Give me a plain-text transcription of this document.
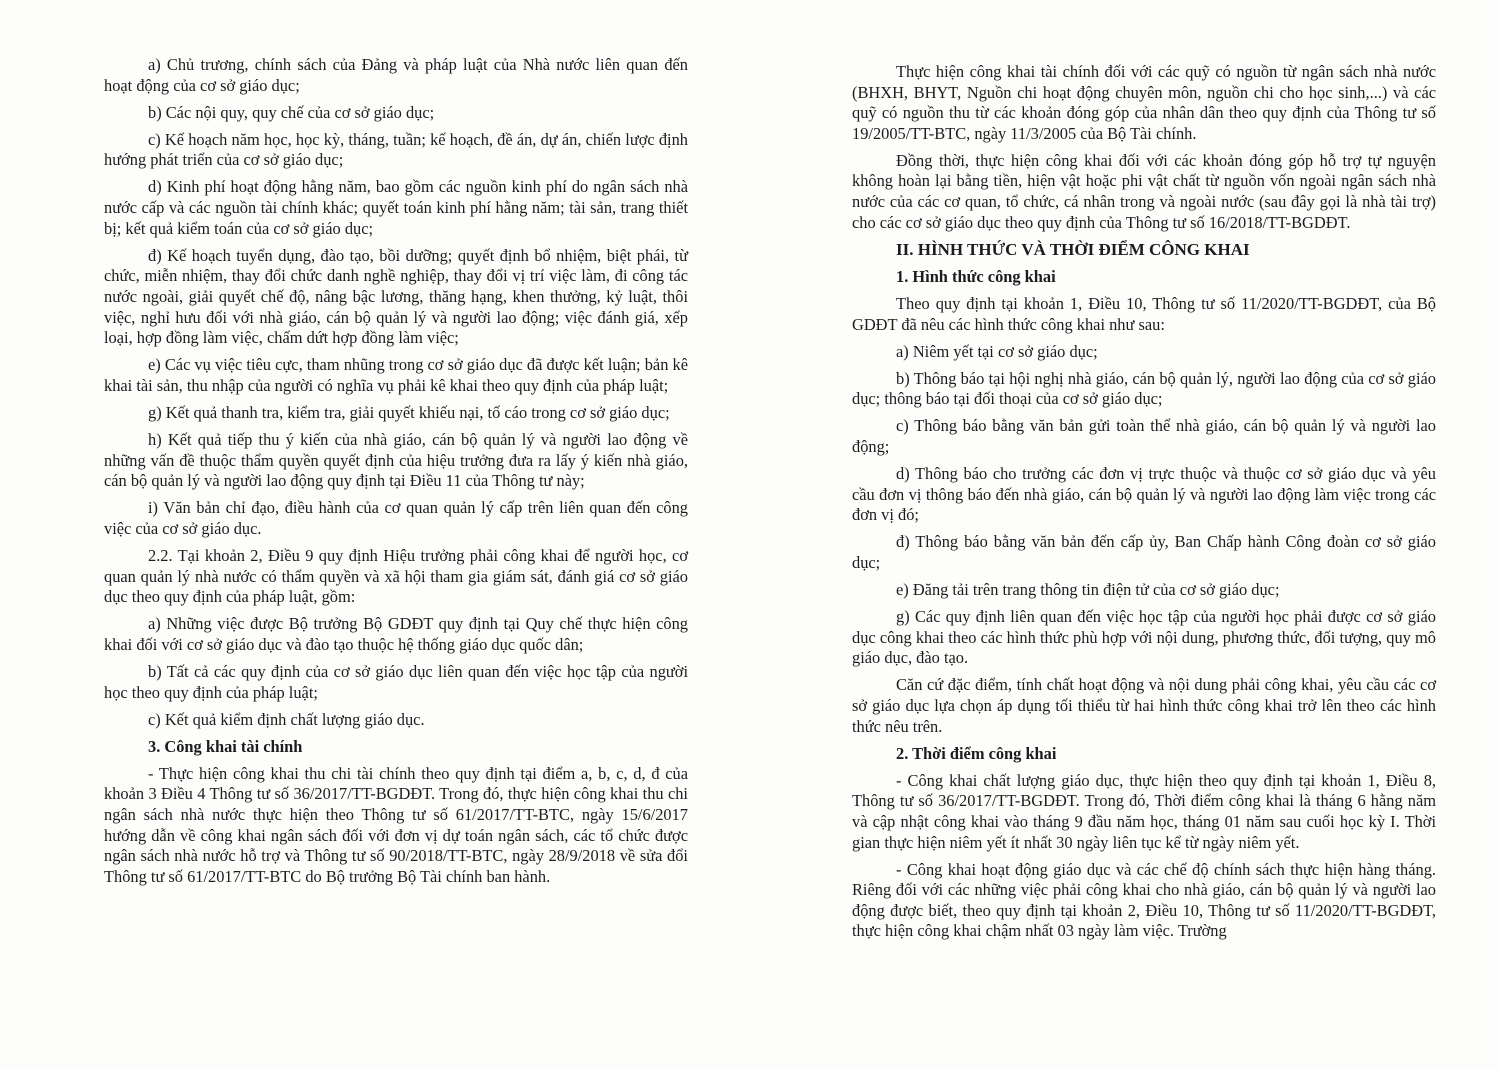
a) Chủ trương, chính sách của Đảng và pháp luật của Nhà nước liên quan đến hoạt động của cơ sở giáo dục;

b) Các nội quy, quy chế của cơ sở giáo dục;

c) Kế hoạch năm học, học kỳ, tháng, tuần; kế hoạch, đề án, dự án, chiến lược định hướng phát triển của cơ sở giáo dục;

d) Kinh phí hoạt động hằng năm, bao gồm các nguồn kinh phí do ngân sách nhà nước cấp và các nguồn tài chính khác; quyết toán kinh phí hằng năm; tài sản, trang thiết bị; kết quả kiểm toán của cơ sở giáo dục;

đ) Kế hoạch tuyển dụng, đào tạo, bồi dưỡng; quyết định bổ nhiệm, biệt phái, từ chức, miễn nhiệm, thay đổi chức danh nghề nghiệp, thay đổi vị trí việc làm, đi công tác nước ngoài, giải quyết chế độ, nâng bậc lương, thăng hạng, khen thưởng, kỷ luật, thôi việc, nghỉ hưu đối với nhà giáo, cán bộ quản lý và người lao động; việc đánh giá, xếp loại, hợp đồng làm việc, chấm dứt hợp đồng làm việc;

e) Các vụ việc tiêu cực, tham nhũng trong cơ sở giáo dục đã được kết luận; bản kê khai tài sản, thu nhập của người có nghĩa vụ phải kê khai theo quy định của pháp luật;

g) Kết quả thanh tra, kiểm tra, giải quyết khiếu nại, tố cáo trong cơ sở giáo dục;

h) Kết quả tiếp thu ý kiến của nhà giáo, cán bộ quản lý và người lao động về những vấn đề thuộc thẩm quyền quyết định của hiệu trưởng đưa ra lấy ý kiến nhà giáo, cán bộ quản lý và người lao động quy định tại Điều 11 của Thông tư này;

i) Văn bản chỉ đạo, điều hành của cơ quan quản lý cấp trên liên quan đến công việc của cơ sở giáo dục.

2.2. Tại khoản 2, Điều 9 quy định Hiệu trưởng phải công khai để người học, cơ quan quản lý nhà nước có thẩm quyền và xã hội tham gia giám sát, đánh giá cơ sở giáo dục theo quy định của pháp luật, gồm:

a) Những việc được Bộ trưởng Bộ GDĐT quy định tại Quy chế thực hiện công khai đối với cơ sở giáo dục và đào tạo thuộc hệ thống giáo dục quốc dân;

b) Tất cả các quy định của cơ sở giáo dục liên quan đến việc học tập của người học theo quy định của pháp luật;

c) Kết quả kiểm định chất lượng giáo dục.

3. Công khai tài chính

- Thực hiện công khai thu chi tài chính theo quy định tại điểm a, b, c, d, đ của khoản 3 Điều 4 Thông tư số 36/2017/TT-BGDĐT. Trong đó, thực hiện công khai thu chi ngân sách nhà nước thực hiện theo Thông tư số 61/2017/TT-BTC, ngày 15/6/2017 hướng dẫn về công khai ngân sách đối với đơn vị dự toán ngân sách, các tổ chức được ngân sách nhà nước hỗ trợ và Thông tư số 90/2018/TT-BTC, ngày 28/9/2018 về sửa đổi Thông tư số 61/2017/TT-BTC do Bộ trưởng Bộ Tài chính ban hành.

Thực hiện công khai tài chính đối với các quỹ có nguồn từ ngân sách nhà nước (BHXH, BHYT, Nguồn chi hoạt động chuyên môn, nguồn chi cho học sinh,...) và các quỹ có nguồn thu từ các khoản đóng góp của nhân dân theo quy định của Thông tư số 19/2005/TT-BTC, ngày 11/3/2005 của Bộ Tài chính.

Đồng thời, thực hiện công khai đối với các khoản đóng góp hỗ trợ tự nguyện không hoàn lại bằng tiền, hiện vật hoặc phi vật chất từ nguồn vốn ngoài ngân sách nhà nước của các cơ quan, tổ chức, cá nhân trong và ngoài nước (sau đây gọi là nhà tài trợ) cho các cơ sở giáo dục theo quy định của Thông tư số 16/2018/TT-BGDĐT.

II. HÌNH THỨC VÀ THỜI ĐIỂM CÔNG KHAI

1. Hình thức công khai

Theo quy định tại khoản 1, Điều 10, Thông tư số 11/2020/TT-BGDĐT, của Bộ GDĐT đã nêu các hình thức công khai như sau:

a) Niêm yết tại cơ sở giáo dục;

b) Thông báo tại hội nghị nhà giáo, cán bộ quản lý, người lao động của cơ sở giáo dục; thông báo tại đối thoại của cơ sở giáo dục;

c) Thông báo bằng văn bản gửi toàn thể nhà giáo, cán bộ quản lý và người lao động;

d) Thông báo cho trưởng các đơn vị trực thuộc và thuộc cơ sở giáo dục và yêu cầu đơn vị thông báo đến nhà giáo, cán bộ quản lý và người lao động làm việc trong các đơn vị đó;

đ) Thông báo bằng văn bản đến cấp ủy, Ban Chấp hành Công đoàn cơ sở giáo dục;

e) Đăng tải trên trang thông tin điện tử của cơ sở giáo dục;

g) Các quy định liên quan đến việc học tập của người học phải được cơ sở giáo dục công khai theo các hình thức phù hợp với nội dung, phương thức, đối tượng, quy mô giáo dục, đào tạo.

Căn cứ đặc điểm, tính chất hoạt động và nội dung phải công khai, yêu cầu các cơ sở giáo dục lựa chọn áp dụng tối thiểu từ hai hình thức công khai trở lên theo các hình thức nêu trên.

2. Thời điểm công khai

- Công khai chất lượng giáo dục, thực hiện theo quy định tại khoản 1, Điều 8, Thông tư số 36/2017/TT-BGDĐT. Trong đó, Thời điểm công khai là tháng 6 hằng năm và cập nhật công khai vào tháng 9 đầu năm học, tháng 01 năm sau cuối học kỳ I. Thời gian thực hiện niêm yết ít nhất 30 ngày liên tục kể từ ngày niêm yết.

- Công khai hoạt động giáo dục và các chế độ chính sách thực hiện hàng tháng. Riêng đối với các những việc phải công khai cho nhà giáo, cán bộ quản lý và người lao động được biết, theo quy định tại khoản 2, Điều 10, Thông tư số 11/2020/TT-BGDĐT, thực hiện công khai chậm nhất 03 ngày làm việc. Trường
